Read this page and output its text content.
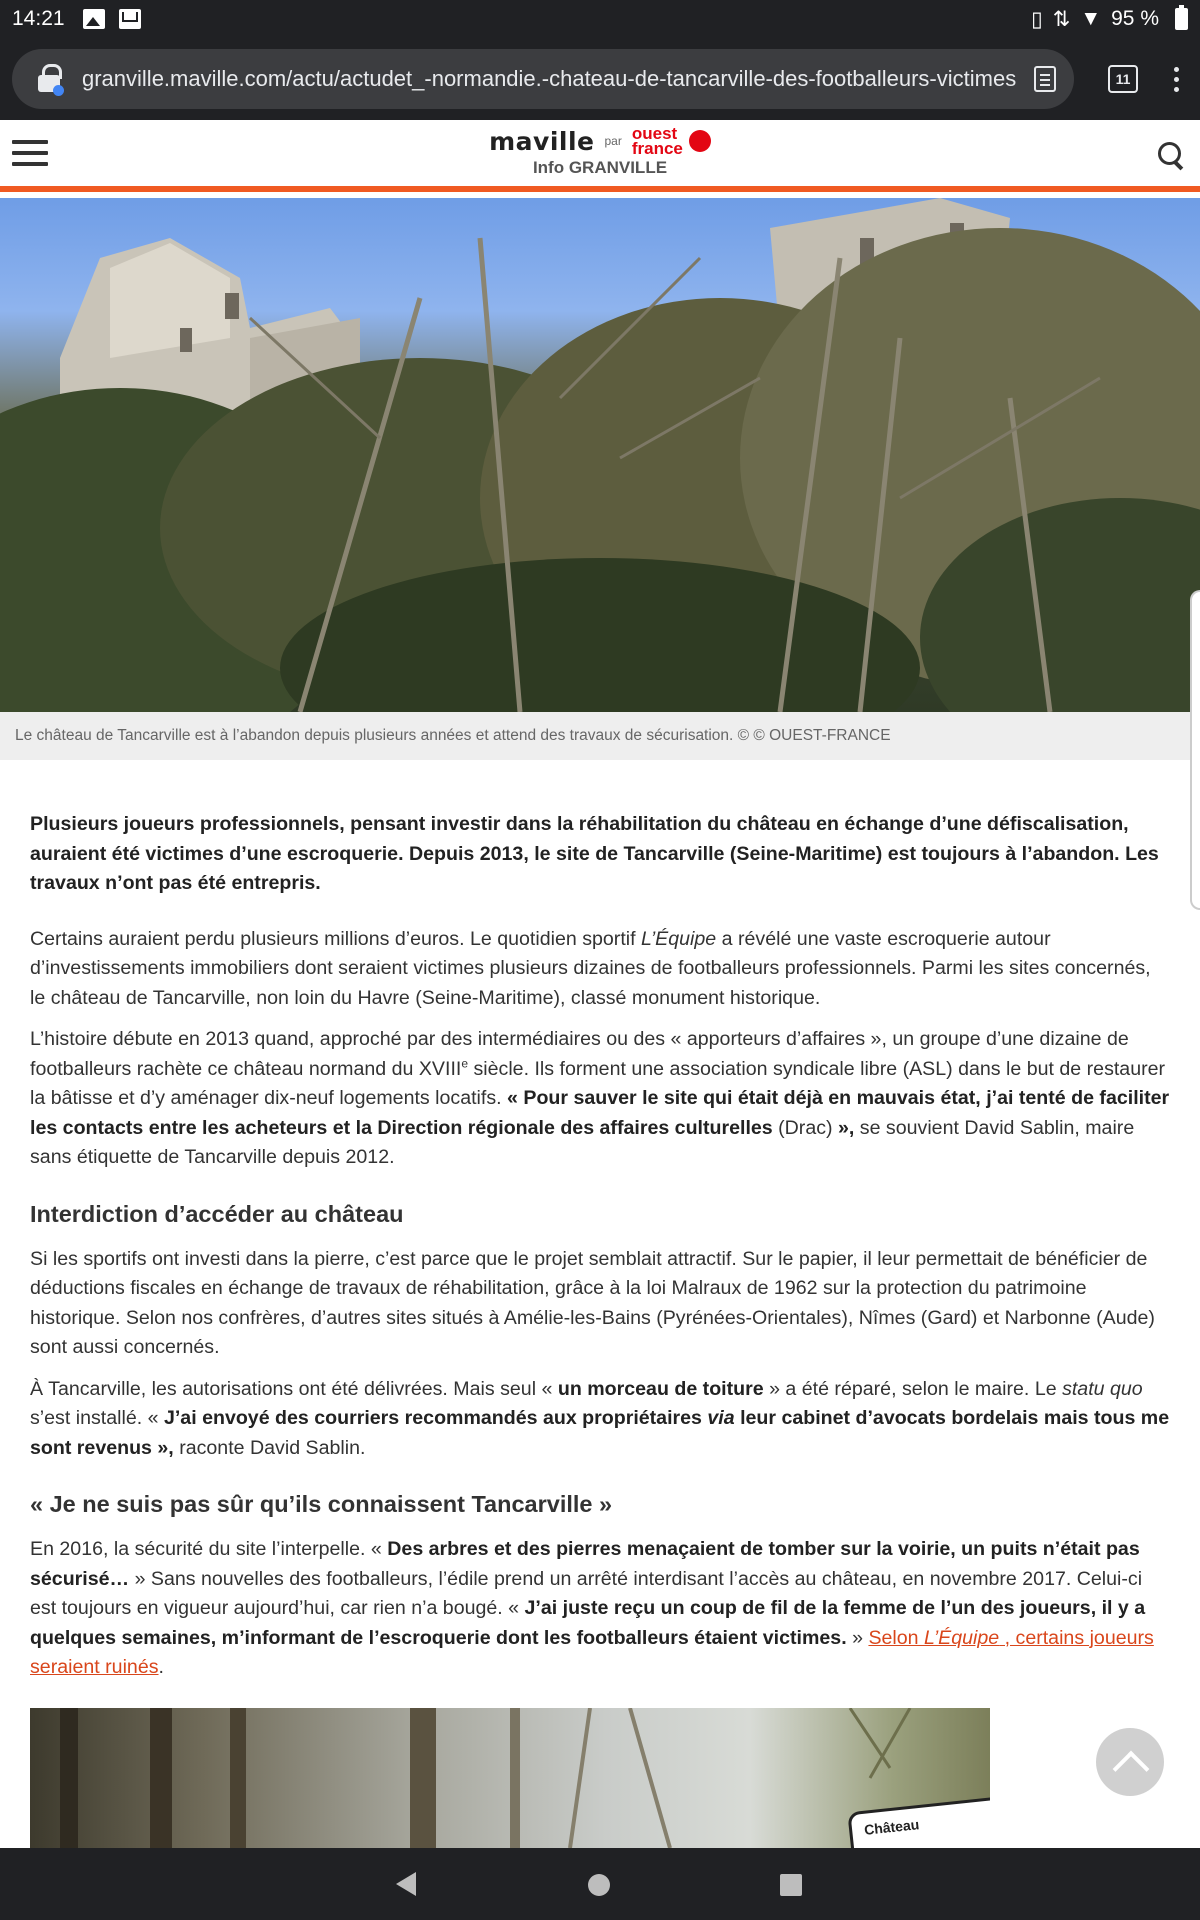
14:21	▯ ⇅ ▼ 95 %
granville.maville.com/actu/actudet_-normandie.-chateau-de-tancarville-des-footballeurs-victimes	11
maville par ouest
france
Info GRANVILLE
Le château de Tancarville est à l’abandon depuis plusieurs années et attend des travaux de sécurisation. © © OUEST-FRANCE

Plusieurs joueurs professionnels, pensant investir dans la réhabilitation du château en échange d’une défiscalisation, auraient été victimes d’une escroquerie. Depuis 2013, le site de Tancarville (Seine-Maritime) est toujours à l’abandon. Les travaux n’ont pas été entrepris.

Certains auraient perdu plusieurs millions d’euros. Le quotidien sportif L’Équipe a révélé une vaste escroquerie autour d’investissements immobiliers dont seraient victimes plusieurs dizaines de footballeurs professionnels. Parmi les sites concernés, le château de Tancarville, non loin du Havre (Seine-Maritime), classé monument historique.

L’histoire débute en 2013 quand, approché par des intermédiaires ou des « apporteurs d’affaires », un groupe d’une dizaine de footballeurs rachète ce château normand du XVIIIe siècle. Ils forment une association syndicale libre (ASL) dans le but de restaurer la bâtisse et d’y aménager dix-neuf logements locatifs. « Pour sauver le site qui était déjà en mauvais état, j’ai tenté de faciliter les contacts entre les acheteurs et la Direction régionale des affaires culturelles (Drac) », se souvient David Sablin, maire sans étiquette de Tancarville depuis 2012.

Interdiction d’accéder au château

Si les sportifs ont investi dans la pierre, c’est parce que le projet semblait attractif. Sur le papier, il leur permettait de bénéficier de déductions fiscales en échange de travaux de réhabilitation, grâce à la loi Malraux de 1962 sur la protection du patrimoine historique. Selon nos confrères, d’autres sites situés à Amélie-les-Bains (Pyrénées-Orientales), Nîmes (Gard) et Narbonne (Aude) sont aussi concernés.

À Tancarville, les autorisations ont été délivrées. Mais seul « un morceau de toiture » a été réparé, selon le maire. Le statu quo s’est installé. « J’ai envoyé des courriers recommandés aux propriétaires via leur cabinet d’avocats bordelais mais tous me sont revenus », raconte David Sablin.

« Je ne suis pas sûr qu’ils connaissent Tancarville »

En 2016, la sécurité du site l’interpelle. « Des arbres et des pierres menaçaient de tomber sur la voirie, un puits n’était pas sécurisé… » Sans nouvelles des footballeurs, l’édile prend un arrêté interdisant l’accès au château, en novembre 2017. Celui-ci est toujours en vigueur aujourd’hui, car rien n’a bougé. « J’ai juste reçu un coup de fil de la femme de l’un des joueurs, il y a quelques semaines, m’informant de l’escroquerie dont les footballeurs étaient victimes. » Selon L’Équipe , certains joueurs seraient ruinés.

Château
